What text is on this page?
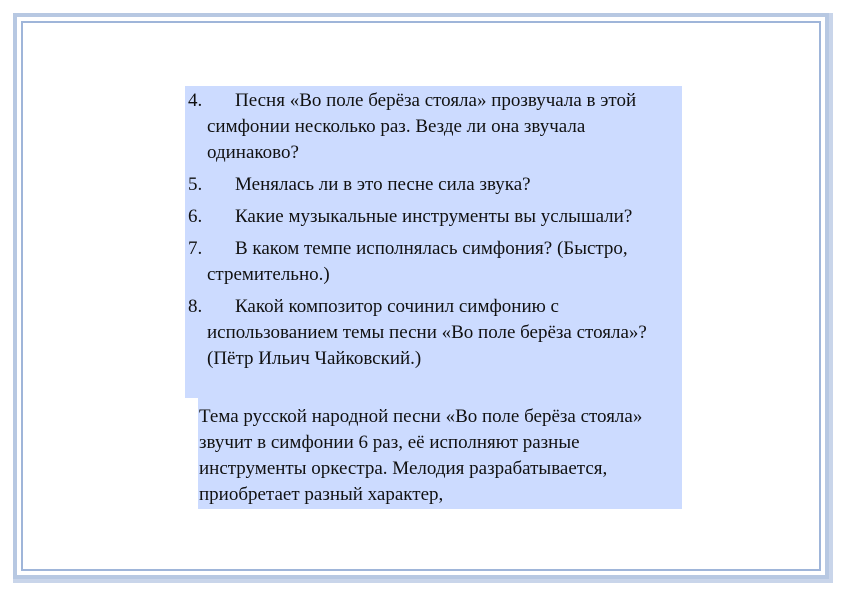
4.	Песня «Во поле берёза стояла» прозвучала в этой симфонии несколько раз. Везде ли она звучала одинаково?
5.	Менялась ли в это песне сила звука?
6.	Какие музыкальные инструменты вы услышали?
7.	В каком темпе исполнялась симфония? (Быстро, стремительно.)
8.	Какой композитор сочинил симфонию с использованием темы песни «Во поле берёза стояла»? (Пётр Ильич Чайковский.)
Тема русской народной песни «Во поле берёза стояла» звучит в симфонии 6 раз, её исполняют разные инструменты оркестра. Мелодия разрабатывается, приобретает разный характер,
